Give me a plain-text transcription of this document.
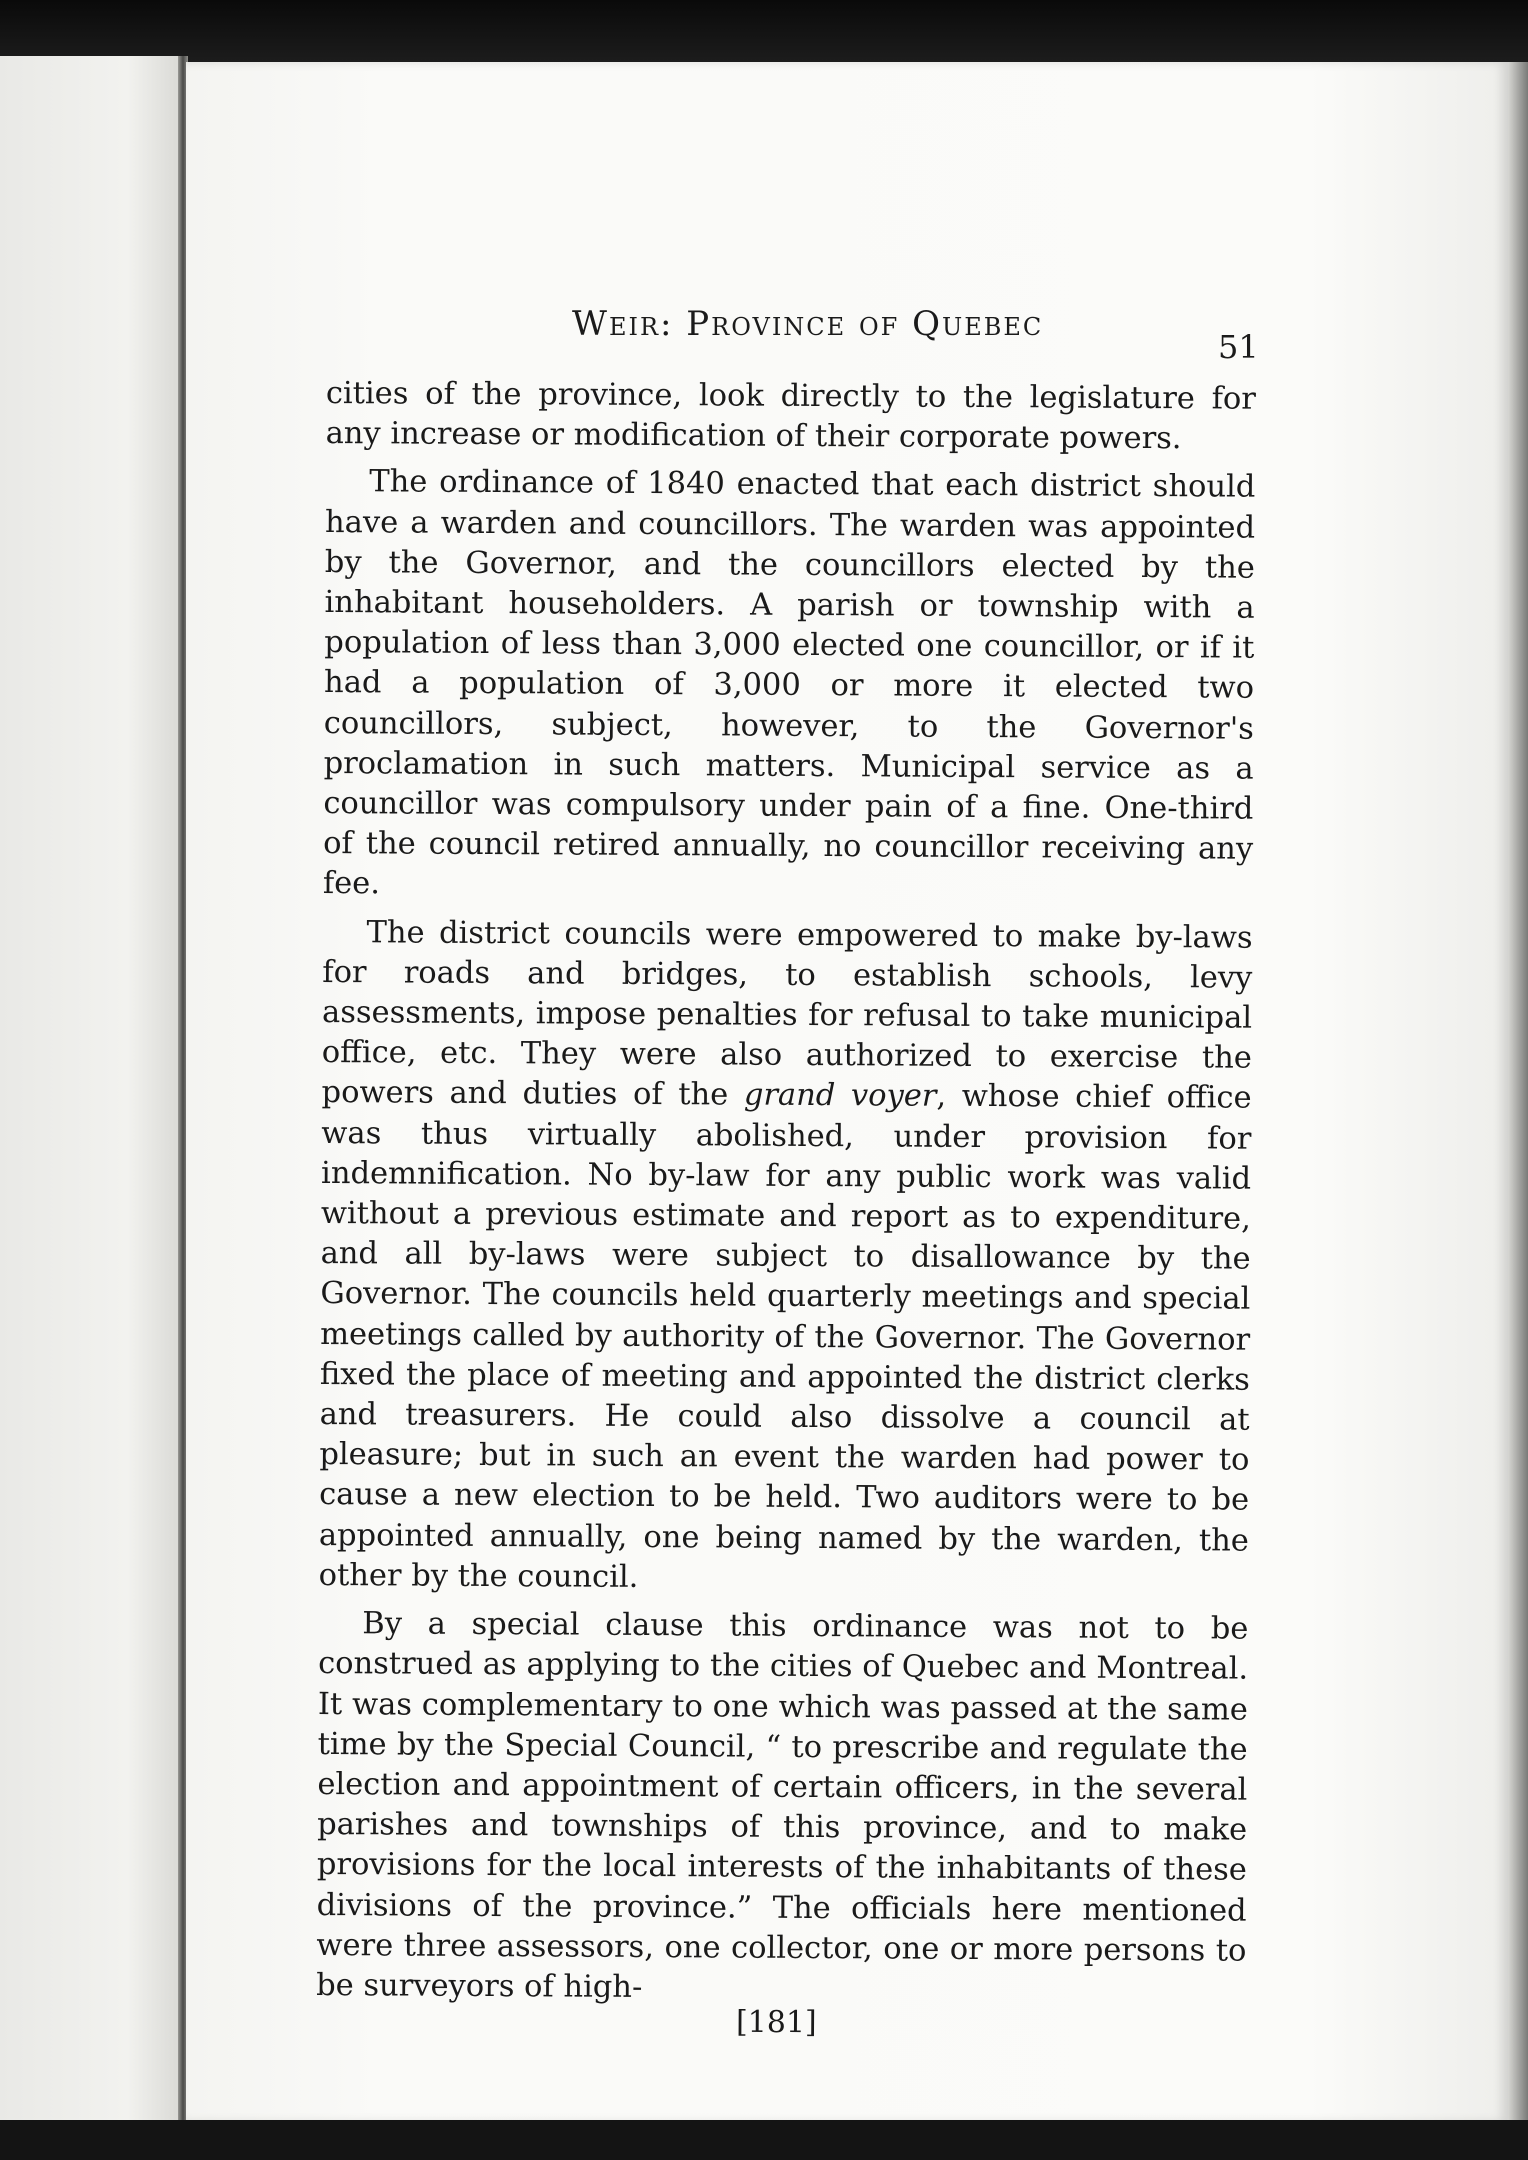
Weir: Province of Quebec
51

cities of the province, look directly to the legislature for any increase or modification of their corporate powers.

The ordinance of 1840 enacted that each district should have a warden and councillors. The warden was appointed by the Governor, and the councillors elected by the inhabitant householders. A parish or township with a population of less than 3,000 elected one councillor, or if it had a population of 3,000 or more it elected two councillors, subject, however, to the Governor's proclamation in such matters. Municipal service as a councillor was compulsory under pain of a fine. One-third of the council retired annually, no councillor receiving any fee.

The district councils were empowered to make by-laws for roads and bridges, to establish schools, levy assessments, impose penalties for refusal to take municipal office, etc. They were also authorized to exercise the powers and duties of the grand voyer, whose chief office was thus virtually abolished, under provision for indemnification. No by-law for any public work was valid without a previous estimate and report as to expenditure, and all by-laws were subject to disallowance by the Governor. The councils held quarterly meetings and special meetings called by authority of the Governor. The Governor fixed the place of meeting and appointed the district clerks and treasurers. He could also dissolve a council at pleasure; but in such an event the warden had power to cause a new election to be held. Two auditors were to be appointed annually, one being named by the warden, the other by the council.

By a special clause this ordinance was not to be construed as applying to the cities of Quebec and Montreal. It was complementary to one which was passed at the same time by the Special Council, “ to prescribe and regulate the election and appointment of certain officers, in the several parishes and townships of this province, and to make provisions for the local interests of the inhabitants of these divisions of the province.” The officials here mentioned were three assessors, one collector, one or more persons to be surveyors of high-

[181]
